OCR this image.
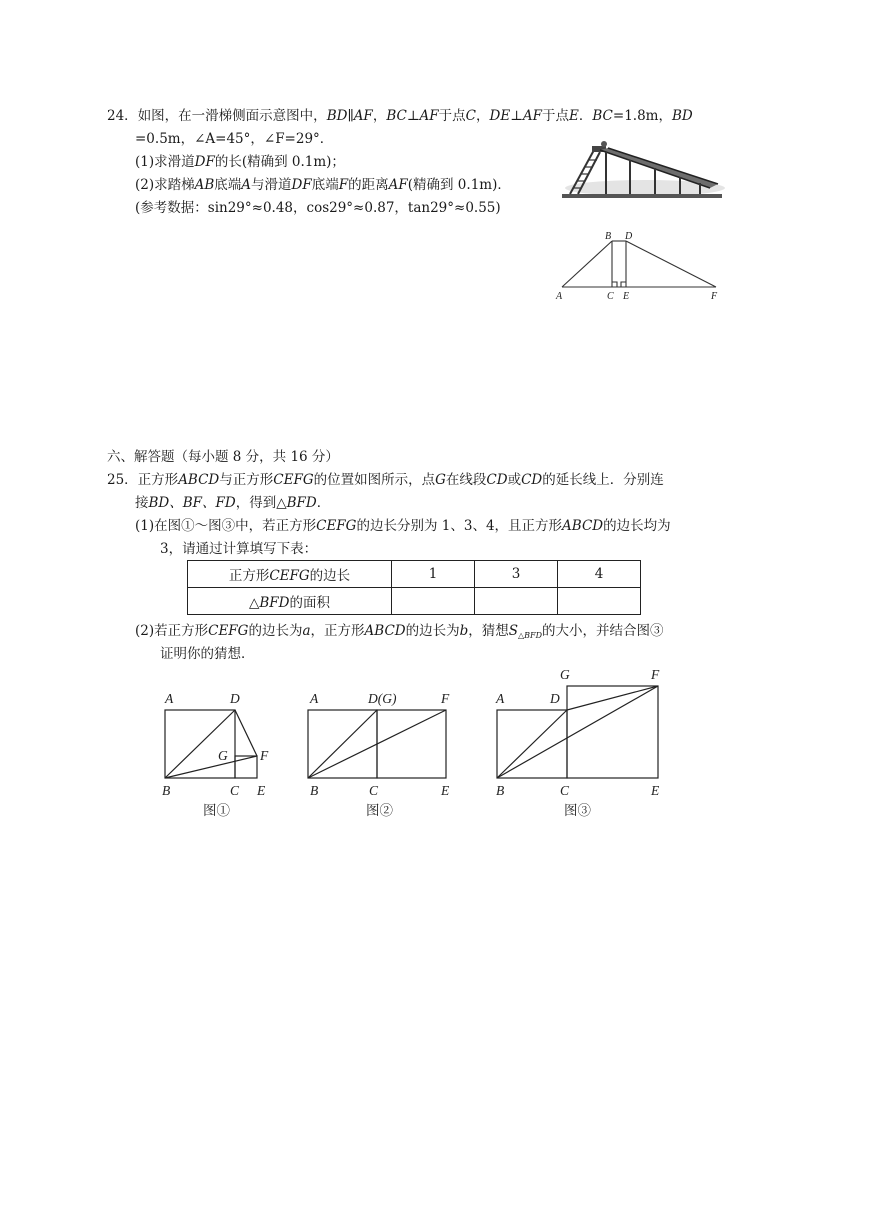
24．如图，在一滑梯侧面示意图中，BD∥AF，BC⊥AF于点C，DE⊥AF于点E．BC=1.8m，BD
=0.5m，∠A=45°，∠F=29°．
(1)求滑道DF的长(精确到 0.1m)；
(2)求踏梯AB底端A与滑道DF底端F的距离AF(精确到 0.1m)．
(参考数据：sin29°≈0.48，cos29°≈0.87，tan29°≈0.55)
B D
A	C E	F
六、解答题（每小题 8 分，共 16 分）
25．正方形ABCD与正方形CEFG的位置如图所示，点G在线段CD或CD的延长线上．分别连
接BD、BF、FD，得到△BFD．
(1)在图①～图③中，若正方形CEFG的边长分别为 1、3、4，且正方形ABCD的边长均为
3，请通过计算填写下表：
正方形CEFG的边长	1	3	4
△BFD的面积			
(2)若正方形CEFG的边长为a，正方形ABCD的边长为b，猜想$S_{\triangle BFD}$的大小，并结合图③
证明你的猜想．
A	D
G F
B	C E
A	D(G)	F
B	C	E
G	F
A	D
B	C	E
图①	图②	图③
